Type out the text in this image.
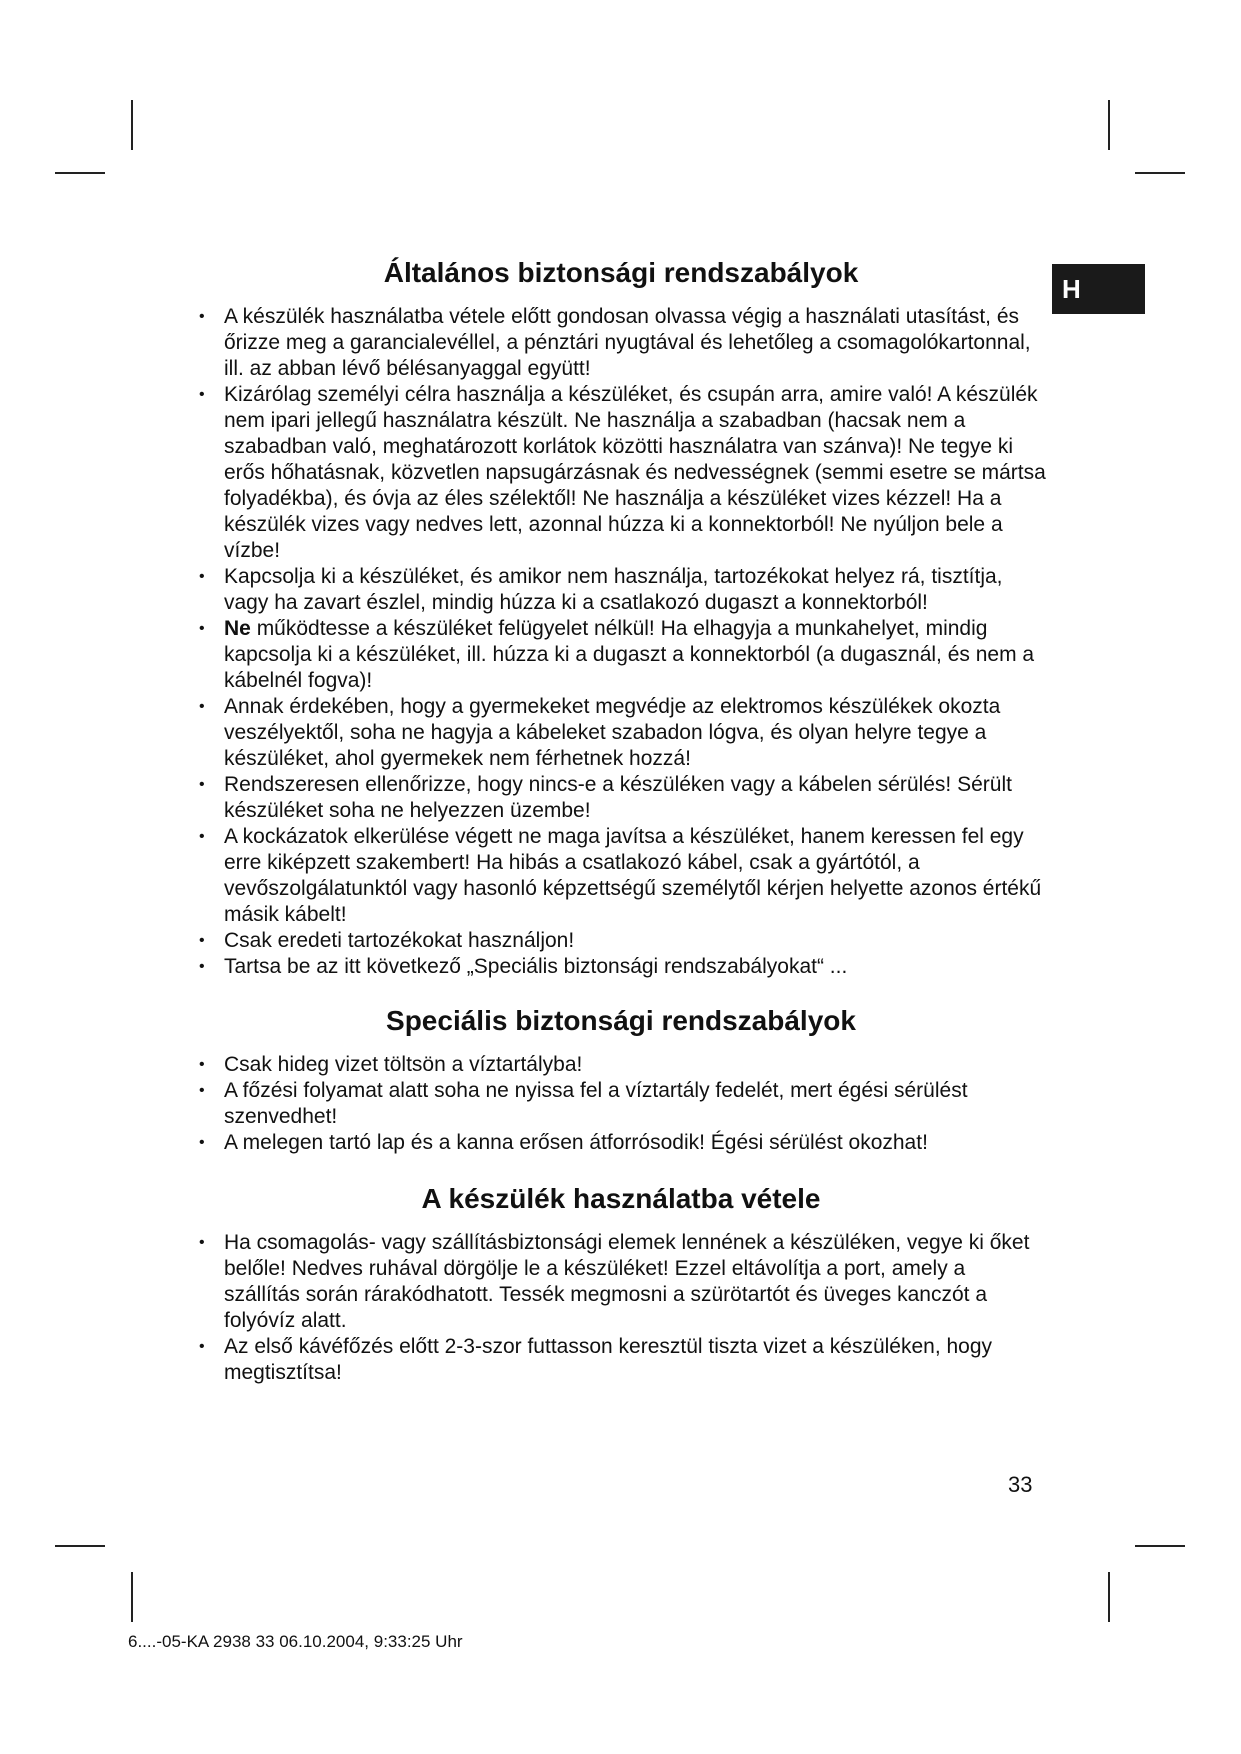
H
Általános biztonsági rendszabályok
• A készülék használatba vétele előtt gondosan olvassa végig a használati utasítást, és őrizze meg a garancialevéllel, a pénztári nyugtával és lehetőleg a csomagolókartonnal, ill. az abban lévő bélésanyaggal együtt!
• Kizárólag személyi célra használja a készüléket, és csupán arra, amire való! A készülék nem ipari jellegű használatra készült. Ne használja a szabadban (hacsak nem a szabadban való, meghatározott korlátok közötti használatra van szánva)! Ne tegye ki erős hőhatásnak, közvetlen napsugárzásnak és nedvességnek (semmi esetre se mártsa folyadékba), és óvja az éles szélektől! Ne használja a készüléket vizes kézzel! Ha a készülék vizes vagy nedves lett, azonnal húzza ki a konnektorból! Ne nyúljon bele a vízbe!
• Kapcsolja ki a készüléket, és amikor nem használja, tartozékokat helyez rá, tisztítja, vagy ha zavart észlel, mindig húzza ki a csatlakozó dugaszt a konnektorból!
• Ne működtesse a készüléket felügyelet nélkül! Ha elhagyja a munkahelyet, mindig kapcsolja ki a készüléket, ill. húzza ki a dugaszt a konnektorból (a dugasznál, és nem a kábelnél fogva)!
• Annak érdekében, hogy a gyermekeket megvédje az elektromos készülékek okozta veszélyektől, soha ne hagyja a kábeleket szabadon lógva, és olyan helyre tegye a készüléket, ahol gyermekek nem férhetnek hozzá!
• Rendszeresen ellenőrizze, hogy nincs-e a készüléken vagy a kábelen sérülés! Sérült készüléket soha ne helyezzen üzembe!
• A kockázatok elkerülése végett ne maga javítsa a készüléket, hanem keressen fel egy erre kiképzett szakembert! Ha hibás a csatlakozó kábel, csak a gyártótól, a vevőszolgálatunktól vagy hasonló képzettségű személytől kérjen helyette azonos értékű másik kábelt!
• Csak eredeti tartozékokat használjon!
• Tartsa be az itt következő „Speciális biztonsági rendszabályokat“ ...
Speciális biztonsági rendszabályok
• Csak hideg vizet töltsön a víztartályba!
• A főzési folyamat alatt soha ne nyissa fel a víztartály fedelét, mert égési sérülést szenvedhet!
• A melegen tartó lap és a kanna erősen átforrósodik! Égési sérülést okozhat!
A készülék használatba vétele
• Ha csomagolás- vagy szállításbiztonsági elemek lennének a készüléken, vegye ki őket belőle! Nedves ruhával dörgölje le a készüléket! Ezzel eltávolítja a port, amely a szállítás során rárakódhatott. Tessék megmosni a szürötartót és üveges kanczót a folyóvíz alatt.
• Az első kávéfőzés előtt 2-3-szor futtasson keresztül tiszta vizet a készüléken, hogy megtisztítsa!
33
6....-05-KA 2938 33 06.10.2004, 9:33:25 Uhr
